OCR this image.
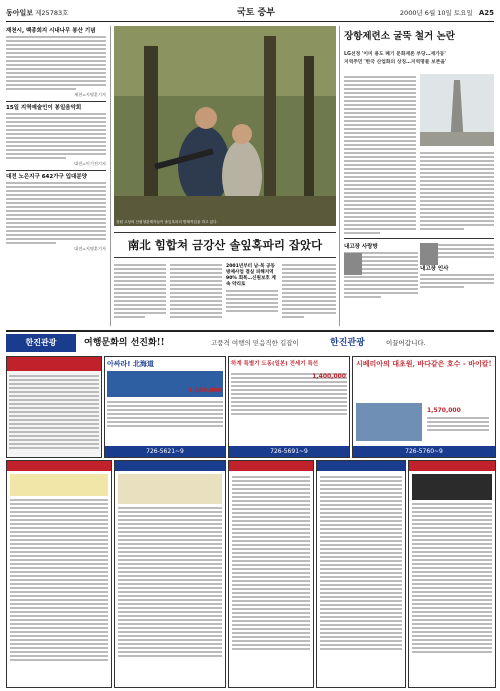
동아일보 제25783호	국토 중부	2000년 6월 10일 토요일 A25
재천시, 백종희지 시내나무 봉산 기념
제천=지명훈기자
15일 지역예술인이 봉일음악회
대전=이기진기자
대전 노은지구 642가구 입대분양
대전=지명훈기자
강원 고성의 산림청관계자들이 솔잎혹파리 방제작업을 하고 있다.
南北 힘합쳐 금강산 솔잎혹파리 잡았다
2001년부터 남-북 공동방제사업 결실 피해지역 90% 회복…신원보호 계속 약리로
장항제련소 굴뚝 철거 논란
LG선정 '이미 용도 폐기 문화재론 부당…재가동'
지역주민 '한국 산업화의 상징…지역명물 보존을'
내고장 사랑방
내고장 인사
한진관광	여행문화의 선진화!!	고품격 여행의 믿음직한 길잡이	한진관광	이끌어갑니다.
아싸라! 北海道
1,600,000
726-5621~9
하계 특별기 도동(일본) 전세기 특선
1,400,000
726-5691~9
시베리아의 대초원, 바다같은 호수 - 바이칼!
1,570,000
726-5760~9
